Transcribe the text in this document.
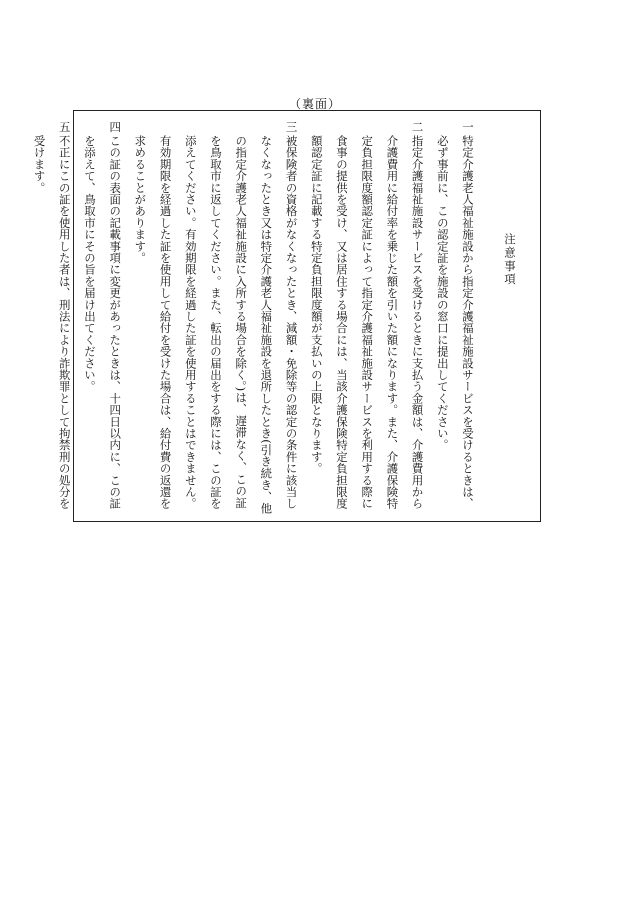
（裏面）

注意事項

一
特定介護老人福祉施設から指定介護福祉施設サービスを受けるときは、必ず事前に、この認定証を施設の窓口に提出してください。

二
指定介護福祉施設サービスを受けるときに支払う金額は、介護費用から介護費用に給付率を乗じた額を引いた額になります。また、介護保険特定負担限度額認定証によって指定介護福祉施設サービスを利用する際に食事の提供を受け、又は居住する場合には、当該介護保険特定負担限度額認定証に記載する特定負担限度額が支払いの上限となります。

三
被保険者の資格がなくなったとき、減額・免除等の認定の条件に該当しなくなったとき又は特定介護老人福祉施設を退所したとき(引き続き、他の指定介護老人福祉施設に入所する場合を除く。)は、遅滞なく、この証を鳥取市に返してください。また、転出の届出をする際には、この証を添えてください。有効期限を経過した証を使用することはできません。有効期限を経過した証を使用して給付を受けた場合は、給付費の返還を求めることがあります。

四
この証の表面の記載事項に変更があったときは、十四日以内に、この証を添えて、鳥取市にその旨を届け出てください。

五
不正にこの証を使用した者は、刑法により詐欺罪として拘禁刑の処分を受けます。
